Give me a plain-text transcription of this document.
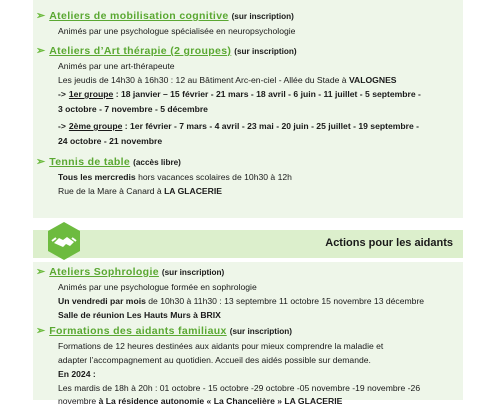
Actions pour les aidants
➢ Ateliers de mobilisation cognitive (sur inscription)
Animés par une psychologue spécialisée en neuropsychologie
➢ Ateliers d’Art thérapie (2 groupes) (sur inscription)
Animés par une art-thérapeute
Les jeudis de 14h30 à 16h30 : 12 au Bâtiment Arc-en-ciel - Allée du Stade à VALOGNES
-> 1er groupe : 18 janvier – 15 février - 21 mars - 18 avril - 6 juin - 11 juillet - 5 septembre -
3 octobre - 7 novembre - 5 décembre
-> 2ème groupe : 1er février - 7 mars - 4 avril - 23 mai - 20 juin - 25 juillet - 19 septembre -
24 octobre - 21 novembre
➢ Tennis de table (accès libre)
Tous les mercredis hors vacances scolaires de 10h30 à 12h
Rue de la Mare à Canard à LA GLACERIE
➢ Ateliers Sophrologie (sur inscription)
Animés par une psychologue formée en sophrologie
Un vendredi par mois de 10h30 à 11h30 : 13 septembre 11 octobre 15 novembre 13 décembre
Salle de réunion Les Hauts Murs à BRIX
➢ Formations des aidants familiaux (sur inscription)
Formations de 12 heures destinées aux aidants pour mieux comprendre la maladie et
adapter l’accompagnement au quotidien. Accueil des aidés possible sur demande.
En 2024 :
Les mardis de 18h à 20h : 01 octobre - 15 octobre -29 octobre -05 novembre -19 novembre -26
novembre à La résidence autonomie « La Chancelière » LA GLACERIE
